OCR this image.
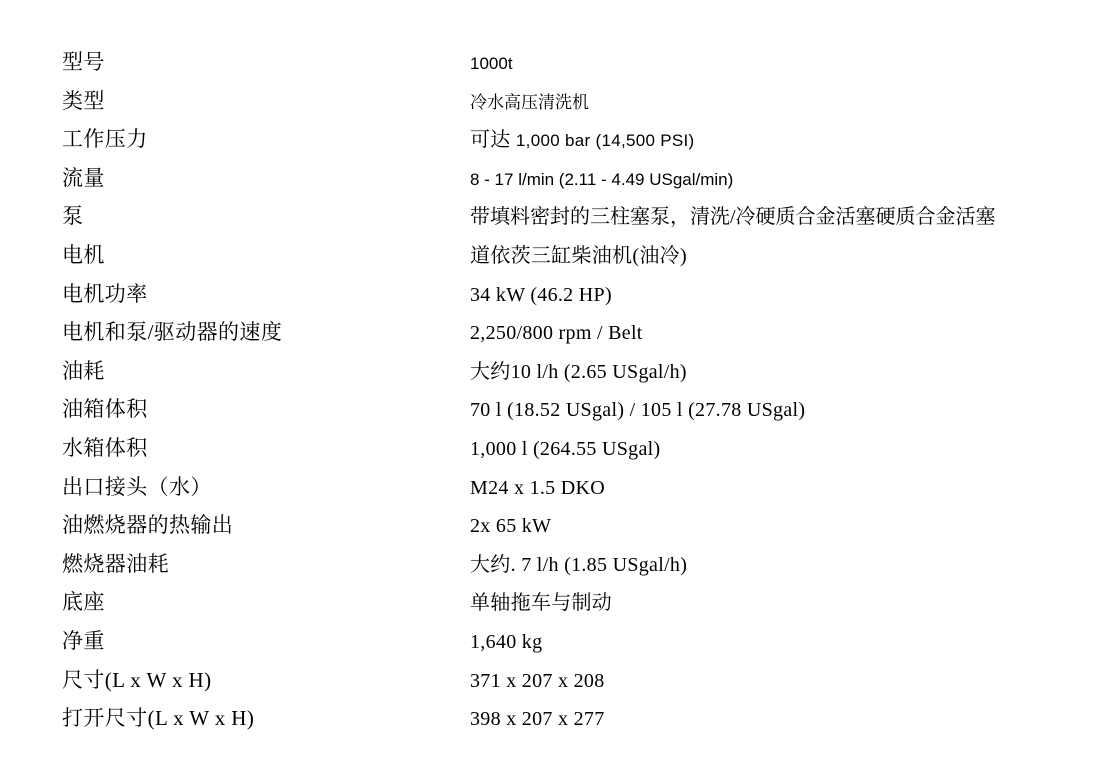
型号	1000t
类型	冷水高压清洗机
工作压力	可达 1,000 bar (14,500 PSI)
流量	8 - 17 l/min (2.11 - 4.49 USgal/min)
泵	带填料密封的三柱塞泵，清洗/冷硬质合金活塞硬质合金活塞
电机	道依茨三缸柴油机(油冷)
电机功率	34 kW (46.2 HP)
电机和泵/驱动器的速度	2,250/800 rpm / Belt
油耗	大约10 l/h (2.65 USgal/h)
油箱体积	70 l (18.52 USgal) / 105 l (27.78 USgal)
水箱体积	1,000 l (264.55 USgal)
出口接头（水）	M24 x 1.5 DKO
油燃烧器的热输出	2x 65 kW
燃烧器油耗	大约. 7 l/h (1.85 USgal/h)
底座	单轴拖车与制动
净重	1,640 kg
尺寸(L x W x H)	371 x 207 x 208
打开尺寸(L x W x H)	398 x 207 x 277
